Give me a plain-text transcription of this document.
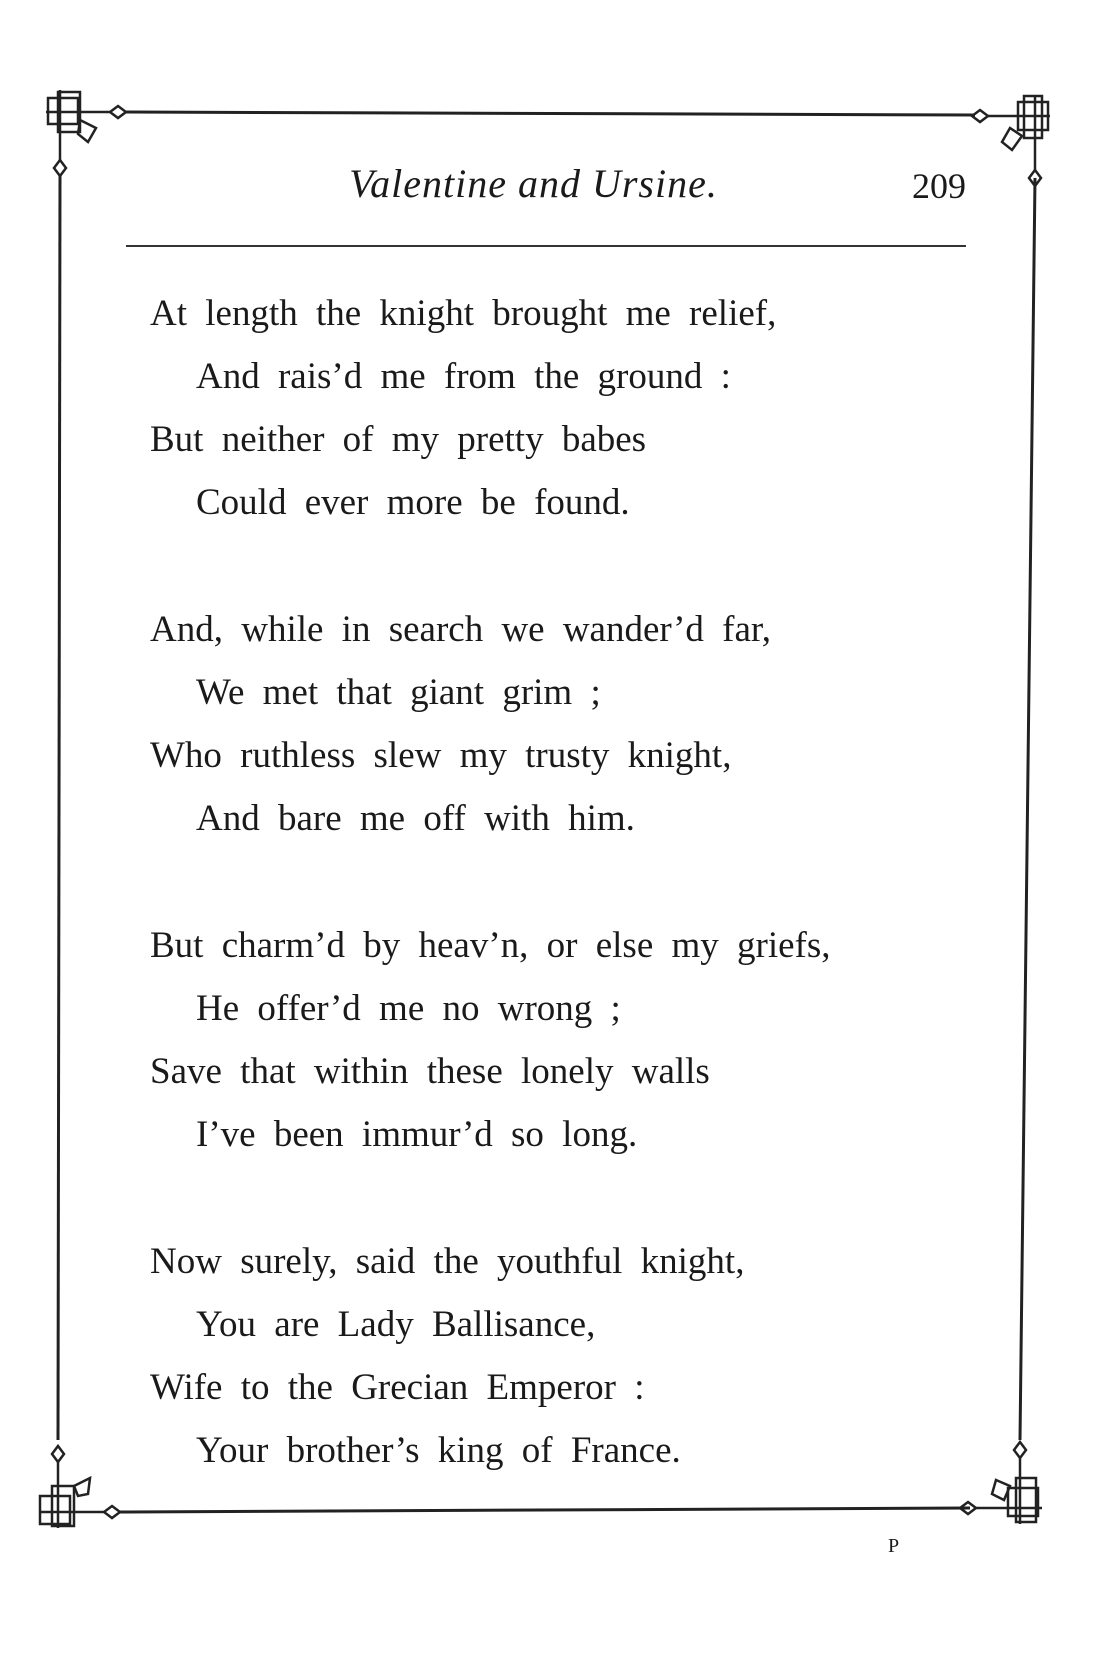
Valentine and Ursine.	209
At length the knight brought me relief,
And rais’d me from the ground :
But neither of my pretty babes
Could ever more be found.
And, while in search we wander’d far,
We met that giant grim ;
Who ruthless slew my trusty knight,
And bare me off with him.
But charm’d by heav’n, or else my griefs,
He offer’d me no wrong ;
Save that within these lonely walls
I’ve been immur’d so long.
Now surely, said the youthful knight,
You are Lady Ballisance,
Wife to the Grecian Emperor :
Your brother’s king of France.
P
